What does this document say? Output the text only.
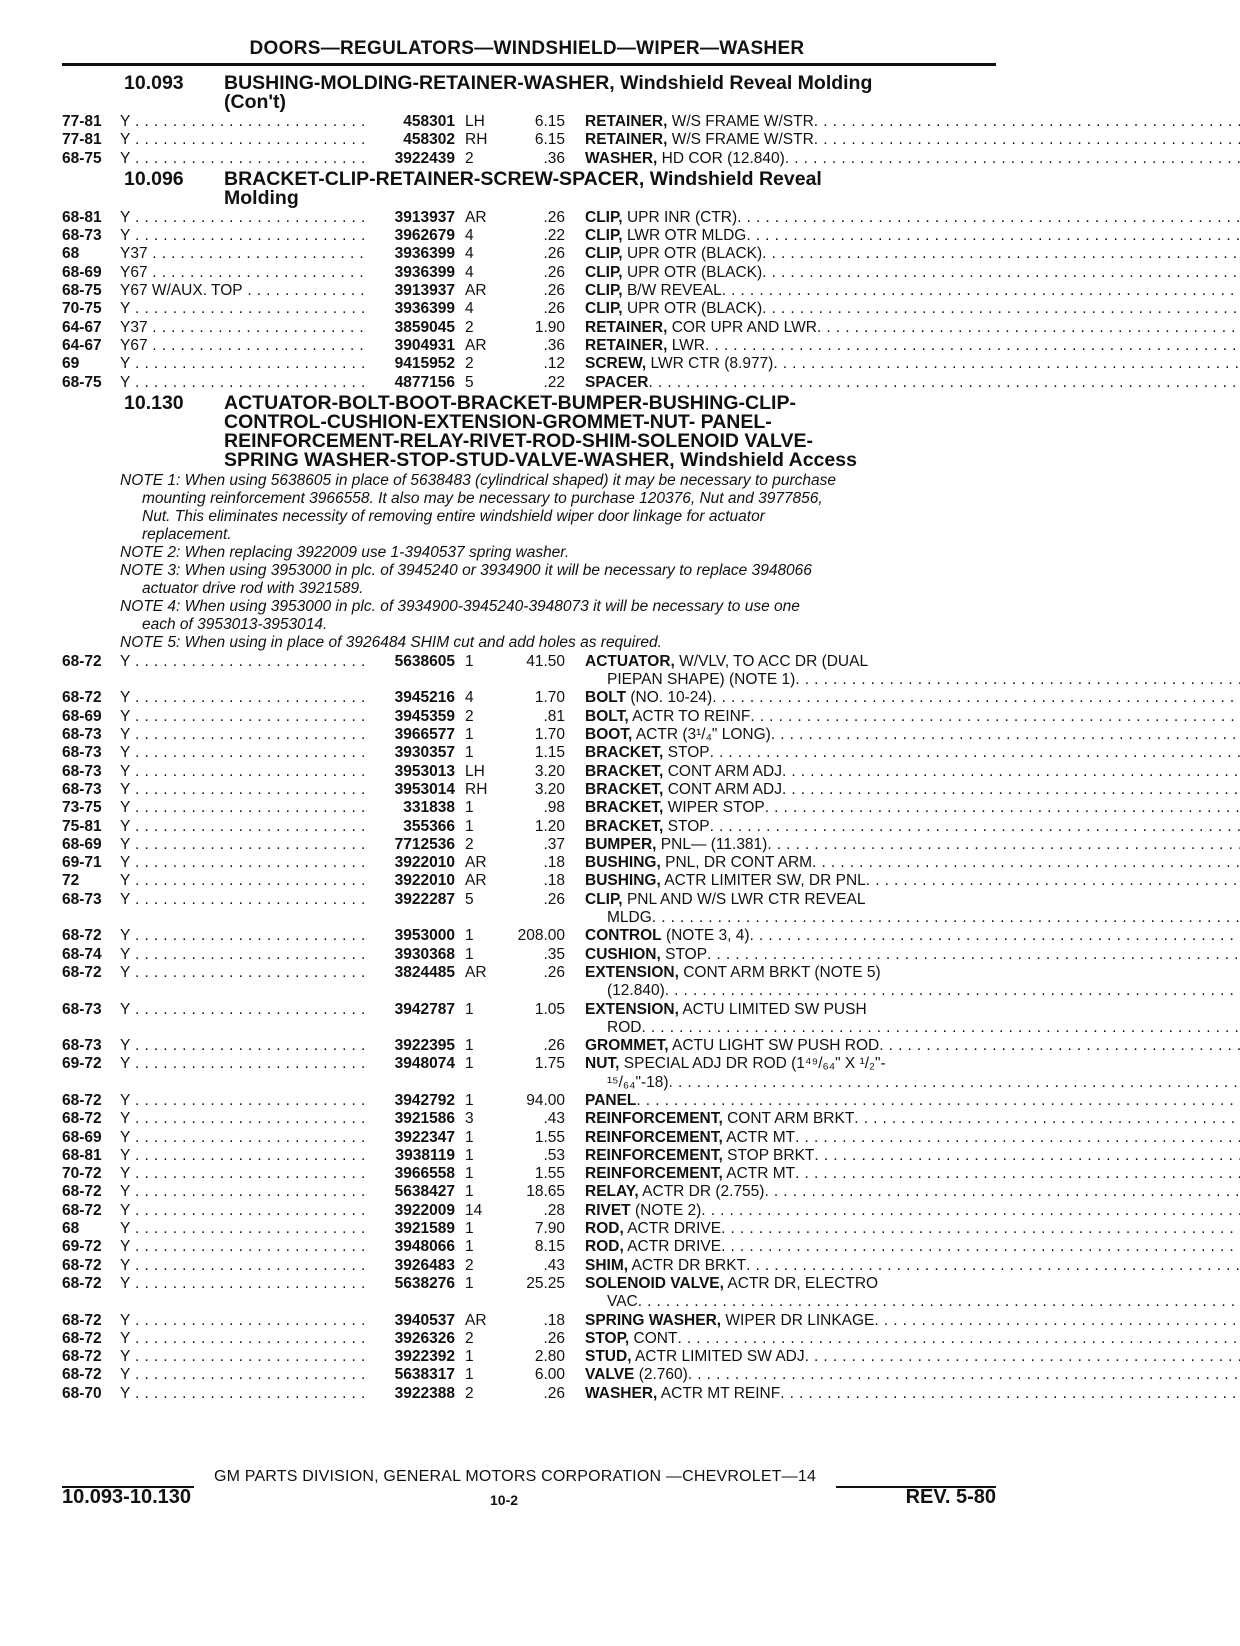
DOORS—REGULATORS—WINDSHIELD—WIPER—WASHER
10.093	BUSHING-MOLDING-RETAINER-WASHER, Windshield Reveal Molding
(Con't)
77-81	Y . . .	458301 LH	6.15	RETAINER, W/S FRAME W/STR
. . .
77-81	Y . . .	458302 RH	6.15	RETAINER, W/S FRAME W/STR
. . .
68-75	Y . . .	3922439 2	.36	WASHER, HD COR (12.840)
. . .
10.096	BRACKET-CLIP-RETAINER-SCREW-SPACER, Windshield Reveal
Molding
68-81	Y . . .	3913937 AR	.26	CLIP, UPR INR (CTR)
. . .
68-73	Y . . .	3962679 4	.22	CLIP, LWR OTR MLDG
. . .
68	Y37 . . .	3936399 4	.26	CLIP, UPR OTR (BLACK)
. . .
68-69	Y67 . . .	3936399 4	.26	CLIP, UPR OTR (BLACK)
. . .
68-75	Y67 W/AUX. TOP . . .	3913937 AR	.26	CLIP, B/W REVEAL
. . .
70-75	Y . . .	3936399 4	.26	CLIP, UPR OTR (BLACK)
. . .
64-67	Y37 . . .	3859045 2	1.90	RETAINER, COR UPR AND LWR
. . .
64-67	Y67 . . .	3904931 AR	.36	RETAINER, LWR
. . .
69	Y . . .	9415952 2	.12	SCREW, LWR CTR (8.977)
. . .
68-75	Y . . .	4877156 5	.22	SPACER
. . .
10.130	ACTUATOR-BOLT-BOOT-BRACKET-BUMPER-BUSHING-CLIP-
CONTROL-CUSHION-EXTENSION-GROMMET-NUT- PANEL-
REINFORCEMENT-RELAY-RIVET-ROD-SHIM-SOLENOID VALVE-
SPRING WASHER-STOP-STUD-VALVE-WASHER, Windshield Access
NOTE 1: When using 5638605 in place of 5638483 (cylindrical shaped) it may be necessary to purchase
mounting reinforcement 3966558. It also may be necessary to purchase 120376, Nut and 3977856,
Nut. This eliminates necessity of removing entire windshield wiper door linkage for actuator
replacement.
NOTE 2: When replacing 3922009 use 1-3940537 spring washer.
NOTE 3: When using 3953000 in plc. of 3945240 or 3934900 it will be necessary to replace 3948066
actuator drive rod with 3921589.
NOTE 4: When using 3953000 in plc. of 3934900-3945240-3948073 it will be necessary to use one
each of 3953013-3953014.
NOTE 5: When using in place of 3926484 SHIM cut and add holes as required.
68-72	Y . . .	5638605 1	41.50	ACTUATOR, W/VLV, TO ACC DR (DUAL
PIEPAN SHAPE) (NOTE 1)
. . .
68-72	Y . . .	3945216 4	1.70	BOLT (NO. 10-24)
. . .
68-69	Y . . .	3945359 2	.81	BOLT, ACTR TO REINF
. . .
68-73	Y . . .	3966577 1	1.70	BOOT, ACTR (3¹/₄" LONG)
. . .
68-73	Y . . .	3930357 1	1.15	BRACKET, STOP
. . .
68-73	Y . . .	3953013 LH	3.20	BRACKET, CONT ARM ADJ
. . .
68-73	Y . . .	3953014 RH	3.20	BRACKET, CONT ARM ADJ
. . .
73-75	Y . . .	331838 1	.98	BRACKET, WIPER STOP
. . .
75-81	Y . . .	355366 1	1.20	BRACKET, STOP
. . .
68-69	Y . . .	7712536 2	.37	BUMPER, PNL— (11.381)
. . .
69-71	Y . . .	3922010 AR	.18	BUSHING, PNL, DR CONT ARM
. . .
72	Y . . .	3922010 AR	.18	BUSHING, ACTR LIMITER SW, DR PNL
. . .
68-73	Y . . .	3922287 5	.26	CLIP, PNL AND W/S LWR CTR REVEAL
MLDG
. . .
68-72	Y . . .	3953000 1	208.00	CONTROL (NOTE 3, 4)
. . .
68-74	Y . . .	3930368 1	.35	CUSHION, STOP
. . .
68-72	Y . . .	3824485 AR	.26	EXTENSION, CONT ARM BRKT (NOTE 5)
(12.840)
. . .
68-73	Y . . .	3942787 1	1.05	EXTENSION, ACTU LIMITED SW PUSH
ROD
. . .
68-73	Y . . .	3922395 1	.26	GROMMET, ACTU LIGHT SW PUSH ROD
. . .
69-72	Y . . .	3948074 1	1.75	NUT, SPECIAL ADJ DR ROD (1⁴⁹/₆₄" X ¹/₂"-
¹⁵/₆₄"-18)
. . .
68-72	Y . . .	3942792 1	94.00	PANEL
. . .
68-72	Y . . .	3921586 3	.43	REINFORCEMENT, CONT ARM BRKT
. . .
68-69	Y . . .	3922347 1	1.55	REINFORCEMENT, ACTR MT
. . .
68-81	Y . . .	3938119 1	.53	REINFORCEMENT, STOP BRKT
. . .
70-72	Y . . .	3966558 1	1.55	REINFORCEMENT, ACTR MT
. . .
68-72	Y . . .	5638427 1	18.65	RELAY, ACTR DR (2.755)
. . .
68-72	Y . . .	3922009 14	.28	RIVET (NOTE 2)
. . .
68	Y . . .	3921589 1	7.90	ROD, ACTR DRIVE
. . .
69-72	Y . . .	3948066 1	8.15	ROD, ACTR DRIVE
. . .
68-72	Y . . .	3926483 2	.43	SHIM, ACTR DR BRKT
. . .
68-72	Y . . .	5638276 1	25.25	SOLENOID VALVE, ACTR DR, ELECTRO
VAC
. . .
68-72	Y . . .	3940537 AR	.18	SPRING WASHER, WIPER DR LINKAGE
. . .
68-72	Y . . .	3926326 2	.26	STOP, CONT
. . .
68-72	Y . . .	3922392 1	2.80	STUD, ACTR LIMITED SW ADJ
. . .
68-72	Y . . .	5638317 1	6.00	VALVE (2.760)
. . .
68-70	Y . . .	3922388 2	.26	WASHER, ACTR MT REINF
. . .
GM PARTS DIVISION, GENERAL MOTORS CORPORATION —CHEVROLET—14
10.093-10.130	10-2	REV. 5-80
